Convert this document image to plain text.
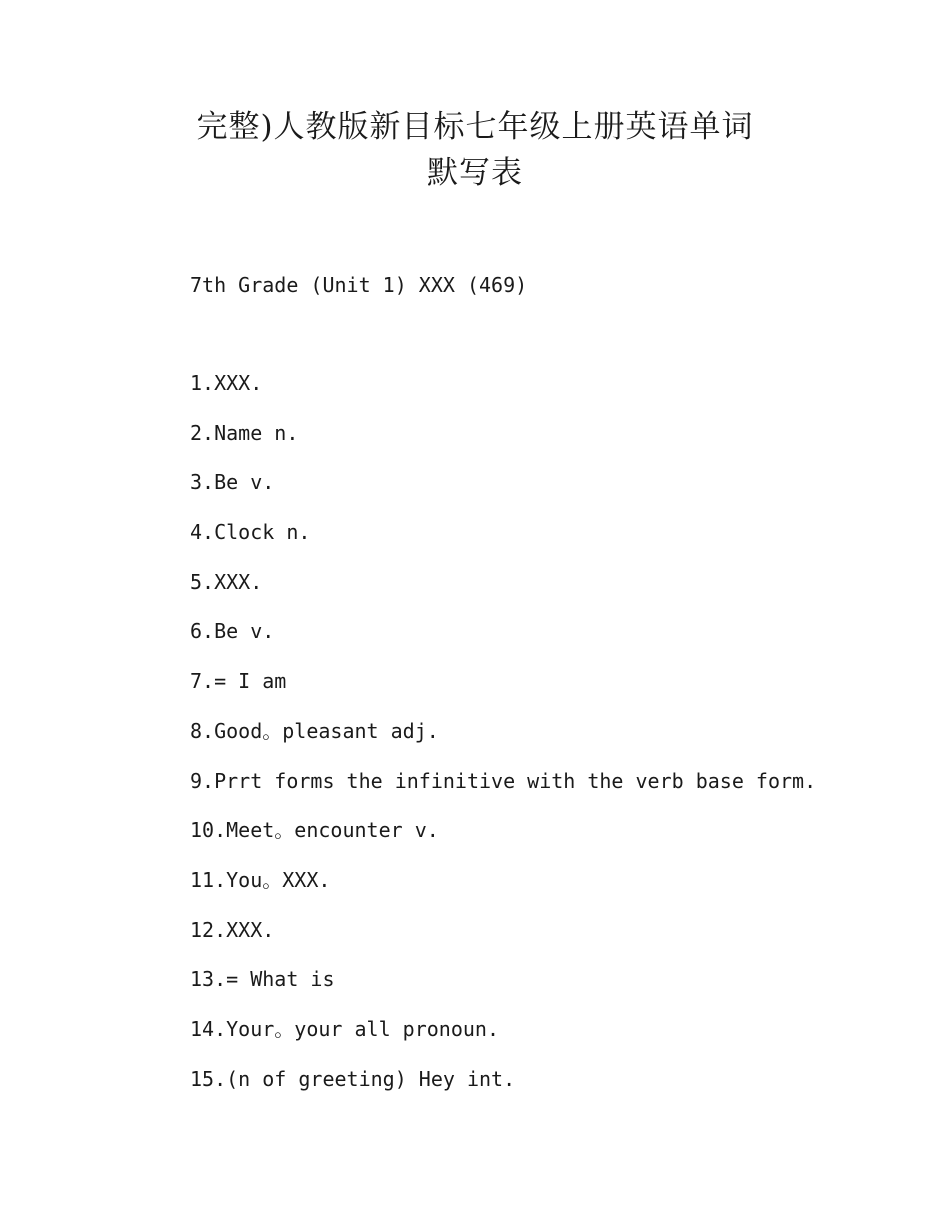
完整)人教版新目标七年级上册英语单词
默写表
7th Grade (Unit 1) XXX (469)
1.XXX.
2.Name n.
3.Be v.
4.Clock n.
5.XXX.
6.Be v.
7.= I am
8.Good。pleasant adj.
9.Prrt forms the infinitive with the verb base form.
10.Meet。encounter v.
11.You。XXX.
12.XXX.
13.= What is
14.Your。your all pronoun.
15.(n of greeting) Hey int.
